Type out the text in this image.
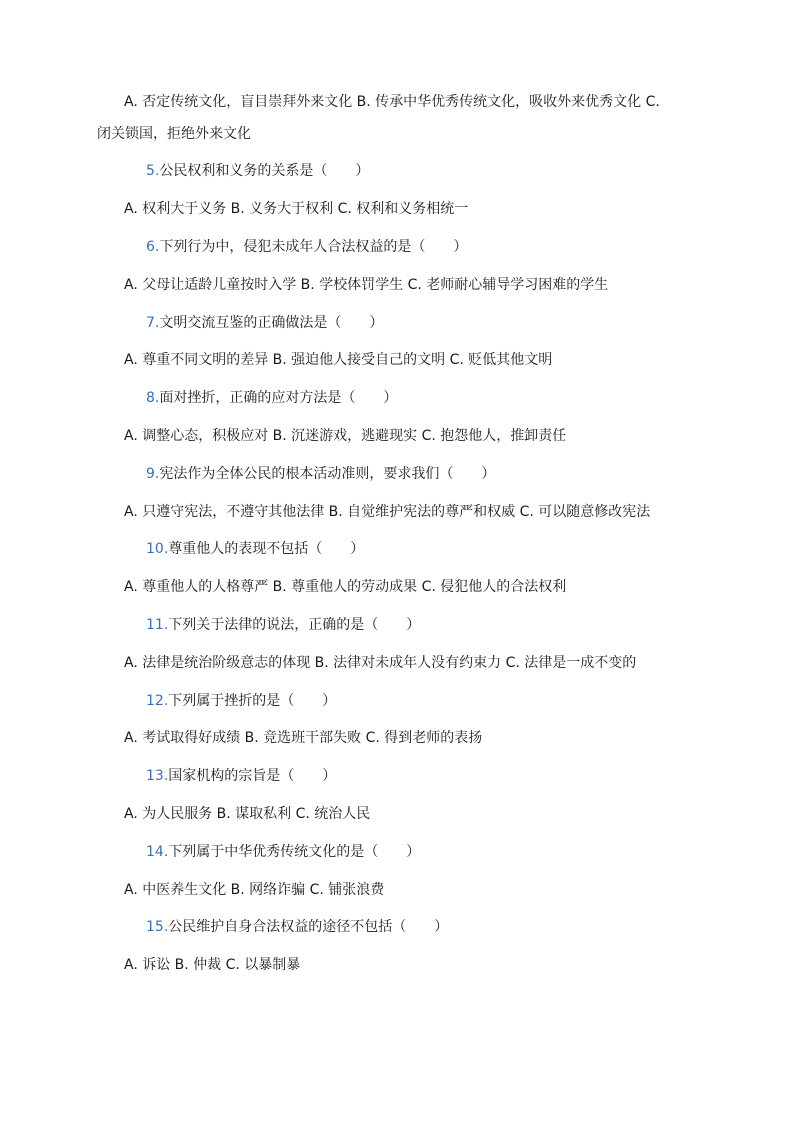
A. 否定传统文化，盲目崇拜外来文化 B. 传承中华优秀传统文化，吸收外来优秀文化 C.
闭关锁国，拒绝外来文化
5.公民权利和义务的关系是（　　）
A. 权利大于义务 B. 义务大于权利 C. 权利和义务相统一
6.下列行为中，侵犯未成年人合法权益的是（　　）
A. 父母让适龄儿童按时入学 B. 学校体罚学生 C. 老师耐心辅导学习困难的学生
7.文明交流互鉴的正确做法是（　　）
A. 尊重不同文明的差异 B. 强迫他人接受自己的文明 C. 贬低其他文明
8.面对挫折，正确的应对方法是（　　）
A. 调整心态，积极应对 B. 沉迷游戏，逃避现实 C. 抱怨他人，推卸责任
9.宪法作为全体公民的根本活动准则，要求我们（　　）
A. 只遵守宪法，不遵守其他法律 B. 自觉维护宪法的尊严和权威 C. 可以随意修改宪法
10.尊重他人的表现不包括（　　）
A. 尊重他人的人格尊严 B. 尊重他人的劳动成果 C. 侵犯他人的合法权利
11.下列关于法律的说法，正确的是（　　）
A. 法律是统治阶级意志的体现 B. 法律对未成年人没有约束力 C. 法律是一成不变的
12.下列属于挫折的是（　　）
A. 考试取得好成绩 B. 竞选班干部失败 C. 得到老师的表扬
13.国家机构的宗旨是（　　）
A. 为人民服务 B. 谋取私利 C. 统治人民
14.下列属于中华优秀传统文化的是（　　）
A. 中医养生文化 B. 网络诈骗 C. 铺张浪费
15.公民维护自身合法权益的途径不包括（　　）
A. 诉讼 B. 仲裁 C. 以暴制暴
